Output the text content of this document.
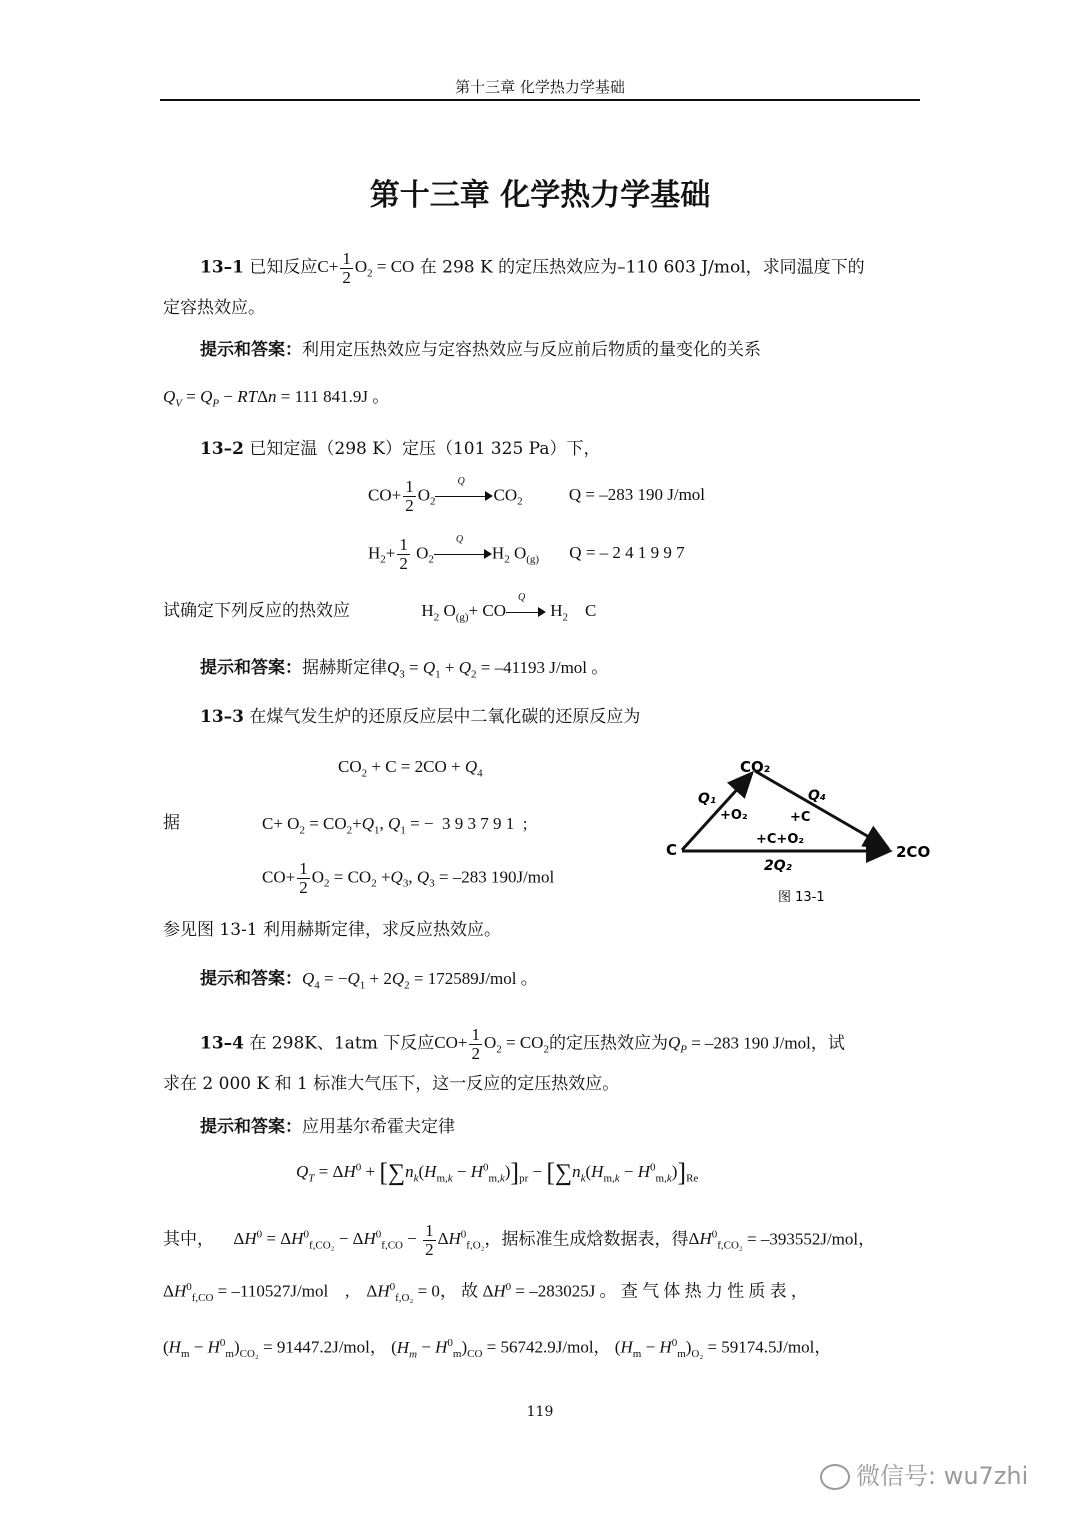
第十三章 化学热力学基础
第十三章 化学热力学基础
13–1 已知反应$C+ \frac{1}{2} O_2$ = CO 在 298 K 的定压热效应为–110 603 J/mol，求同温度下的
定容热效应。
提示和答案：利用定压热效应与定容热效应与反应前后物质的量变化的关系
$Q_V = Q_P - RT\Delta n = 111$ 841.9J 。
13–2 已知定温（298 K）定压（101 325 Pa）下，
$CO+ \frac{1}{2} O_2$
Q
$CO_2$	Q = –283 190 J/mol
$H_2+ \frac{1}{2} O_2$
Q
$H_2$ $O_{(g)}$ Q = – 2 4 1 9 9 7
试确定下列反应的热效应	$H_2$ $O_{(g)}+$ CO
Q
$H_2$    C
提示和答案：据赫斯定律$Q_3 = Q_1 + Q_2 = -41193$ J/mol 。
13–3 在煤气发生炉的还原反应层中二氧化碳的还原反应为
$CO_2 + C = 2CO + Q_4$
据	$C+ O_2 = CO_2+Q_1$, $Q_1$ = −  3 9 3 7 9 1  ;
$CO+ \frac{1}{2} O_2 = CO_2 +Q_3$, $Q_3 = -283$ 190J/mol
参见图 13-1 利用赫斯定律，求反应热效应。
提示和答案：$Q_4 = -Q_1 + 2Q_2 = 172589J/mol$ 。
CO₂
C	2CO
Q₁
+O₂
Q₄
+C
+C+O₂
2Q₂
图 13-1
13–4 在 298K、1atm 下反应$CO+ \frac{1}{2} O_2 = CO_2$的定压热效应为$Q_P = -283$ 190 J/mol，试
求在 2 000 K 和 1 标准大气压下，这一反应的定压热效应。
提示和答案：应用基尔希霍夫定律
$Q_T = \Delta H^0 + [\sum n_k(H_{m,k} - H^0_{m,k})]_{pr} - [\sum n_k(H_{m,k} - H^0_{m,k})]_{Re}$
其中， $\Delta H^0 = \Delta H^0_{f,CO_2} - \Delta H^0_{f,CO} - \frac{1}{2} \Delta H^0_{f,O_2}$，据标准生成焓数据表，得$\Delta H^0_{f,CO_2} = -393552J/mol$，
$\Delta H^0_{f,CO} = -110527J/mol$    ,    $\Delta H^0_{f,O_2} = 0$， 故 $\Delta H^0 = -283025J$ 。 查 气 体 热 力 性 质 表 ，
$(H_m - H^0_m)_{CO_2} = 91447.2J/mol$， $(H_m - H^0_m)_{CO} = 56742.9J/mol$， $(H_m - H^0_m)_{O_2} = 59174.5J/mol$，
119
微信号: wu7zhi
